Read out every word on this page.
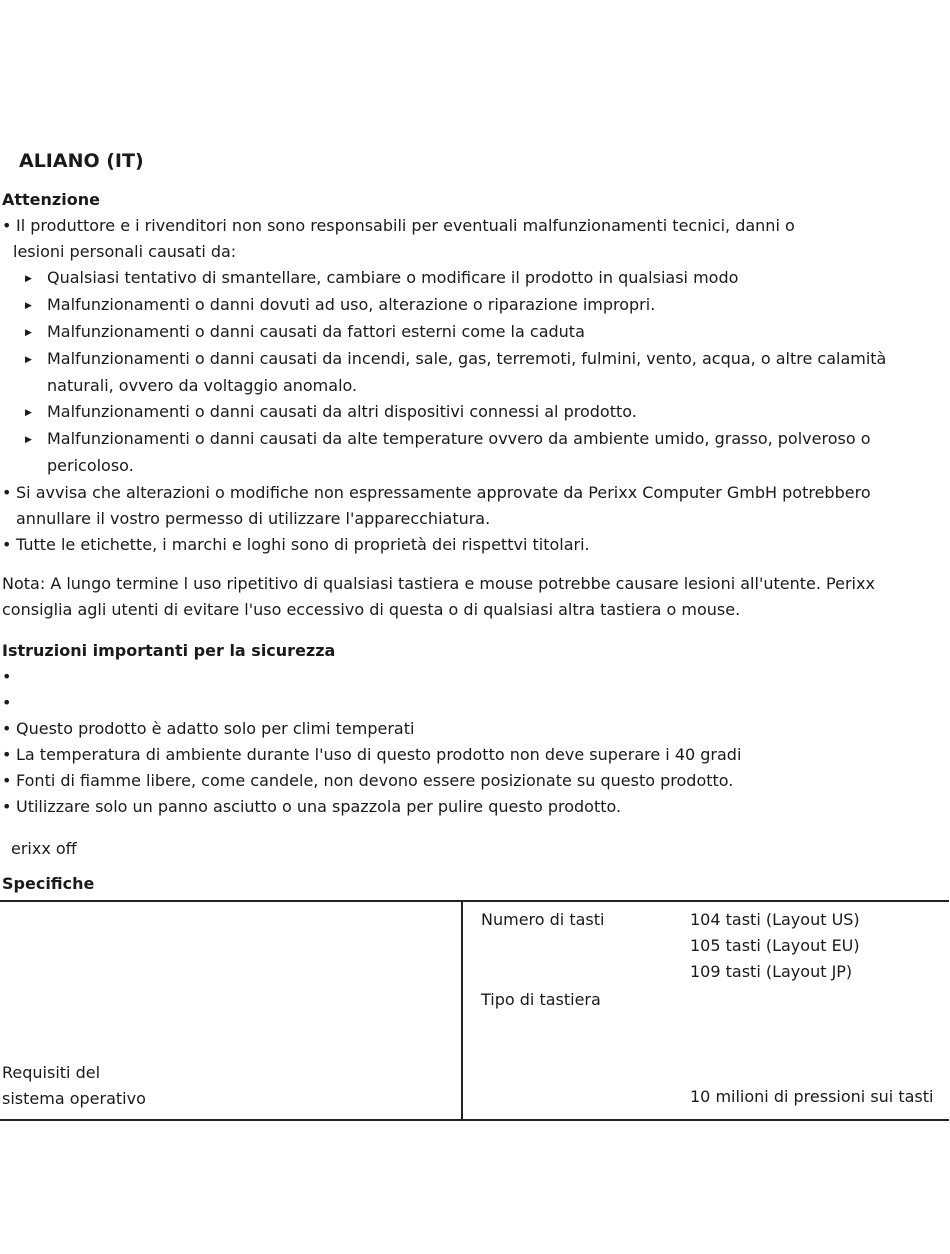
ALIANO (IT)
Attenzione
• Il produttore e i rivenditori non sono responsabili per eventuali malfunzionamenti tecnici, danni o
lesioni personali causati da:
▶ Qualsiasi tentativo di smantellare, cambiare o modificare il prodotto in qualsiasi modo
▶ Malfunzionamenti o danni dovuti ad uso, alterazione o riparazione impropri.
▶ Malfunzionamenti o danni causati da fattori esterni come la caduta
▶ Malfunzionamenti o danni causati da incendi, sale, gas, terremoti, fulmini, vento, acqua, o altre calamità
naturali, ovvero da voltaggio anomalo.
▶ Malfunzionamenti o danni causati da altri dispositivi connessi al prodotto.
▶ Malfunzionamenti o danni causati da alte temperature ovvero da ambiente umido, grasso, polveroso o
pericoloso.
• Si avvisa che alterazioni o modifiche non espressamente approvate da Perixx Computer GmbH potrebbero
annullare il vostro permesso di utilizzare l'apparecchiatura.
• Tutte le etichette, i marchi e loghi sono di proprietà dei rispettvi titolari.
Nota: A lungo termine l uso ripetitivo di qualsiasi tastiera e mouse potrebbe causare lesioni all'utente. Perixx
consiglia agli utenti di evitare l'uso eccessivo di questa o di qualsiasi altra tastiera o mouse.
Istruzioni importanti per la sicurezza
•
•
• Questo prodotto è adatto solo per climi temperati
• La temperatura di ambiente durante l'uso di questo prodotto non deve superare i 40 gradi
• Fonti di fiamme libere, come candele, non devono essere posizionate su questo prodotto.
• Utilizzare solo un panno asciutto o una spazzola per pulire questo prodotto.
erixx off
Specifiche
Numero di tasti	104 tasti (Layout US)
105 tasti (Layout EU)
109 tasti (Layout JP)
Tipo di tastiera
Requisiti del
sistema operativo	10 milioni di pressioni sui tasti
